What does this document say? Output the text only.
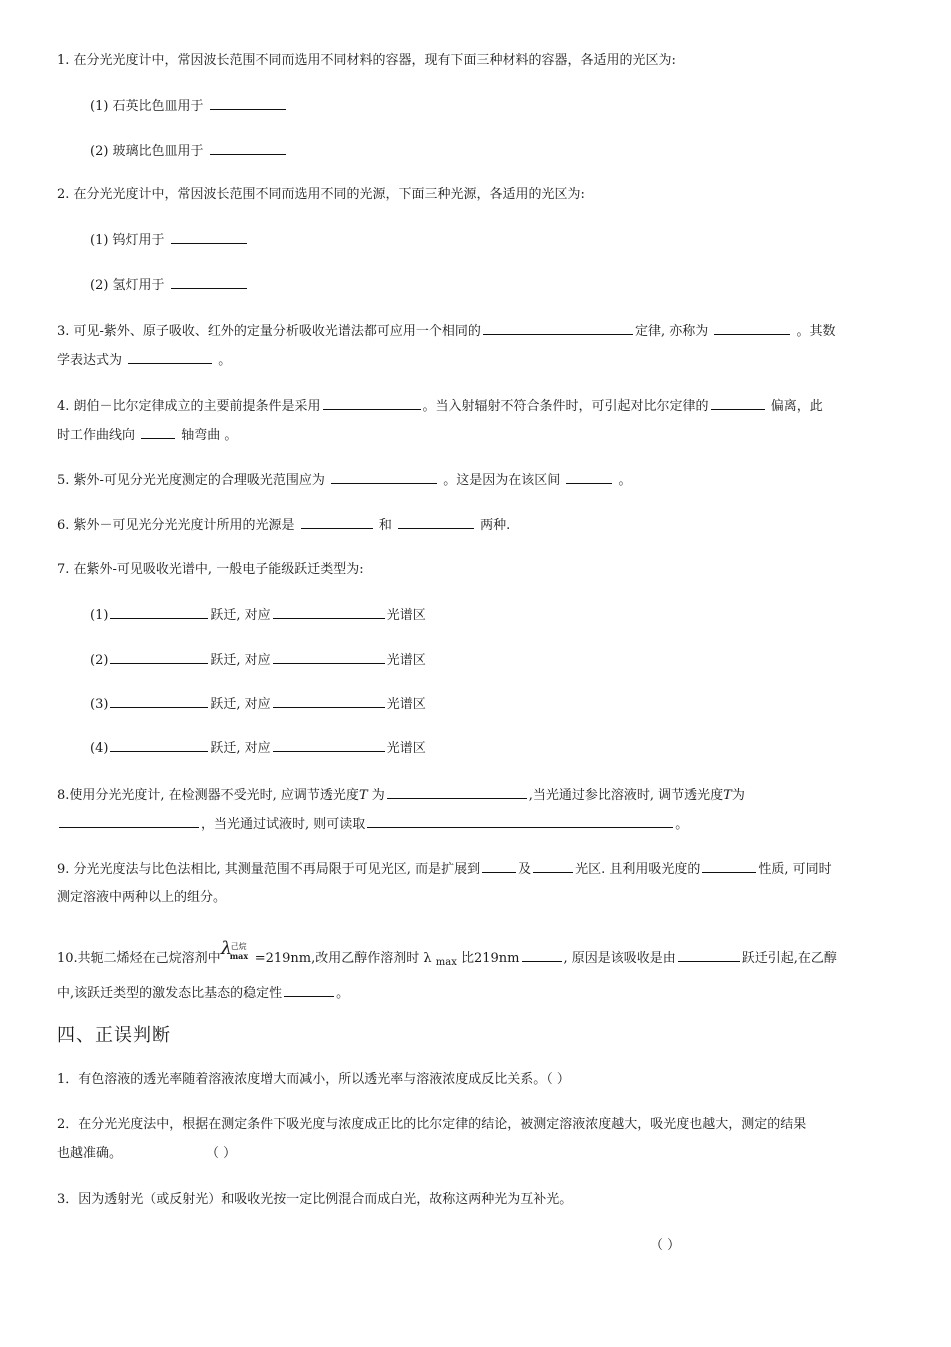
1. 在分光光度计中，常因波长范围不同而选用不同材料的容器，现有下面三种材料的容器，各适用的光区为:
(1) 石英比色皿用于
(2) 玻璃比色皿用于
2. 在分光光度计中，常因波长范围不同而选用不同的光源，下面三种光源，各适用的光区为:
(1) 钨灯用于
(2) 氢灯用于
3. 可见-紫外、原子吸收、红外的定量分析吸收光谱法都可应用一个相同的	定律, 亦称为	。其数
学表达式为	。
4. 朗伯－比尔定律成立的主要前提条件是采用	。当入射辐射不符合条件时，可引起对比尔定律的	偏离，此
时工作曲线向	轴弯曲 。
5. 紫外-可见分光光度测定的合理吸光范围应为	。这是因为在该区间	。
6. 紫外－可见光分光光度计所用的光源是	和	两种.
7. 在紫外-可见吸收光谱中, 一般电子能级跃迁类型为:
(1)	跃迁, 对应	光谱区
(2)	跃迁, 对应	光谱区
(3)	跃迁, 对应	光谱区
(4)	跃迁, 对应	光谱区
8.使用分光光度计, 在检测器不受光时, 应调节透光度T 为	,当光通过参比溶液时, 调节透光度T为
，当光通过试液时, 则可读取	。
9. 分光光度法与比色法相比, 其测量范围不再局限于可见光区, 而是扩展到	及	光区. 且利用吸光度的	性质, 可同时
测定溶液中两种以上的组分。
10.共轭二烯烃在己烷溶剂中 λ
己烷
max =219nm,改用乙醇作溶剂时 λ $_{max}$ 比219nm	, 原因是该吸收是由	跃迁引起,在乙醇
中,该跃迁类型的激发态比基态的稳定性	。
四、正误判断
1．有色溶液的透光率随着溶液浓度增大而减小，所以透光率与溶液浓度成反比关系。（ ）
2．在分光光度法中，根据在测定条件下吸光度与浓度成正比的比尔定律的结论，被测定溶液浓度越大，吸光度也越大，测定的结果
也越准确。	（ ）
3．因为透射光（或反射光）和吸收光按一定比例混合而成白光，故称这两种光为互补光。
（ ）
